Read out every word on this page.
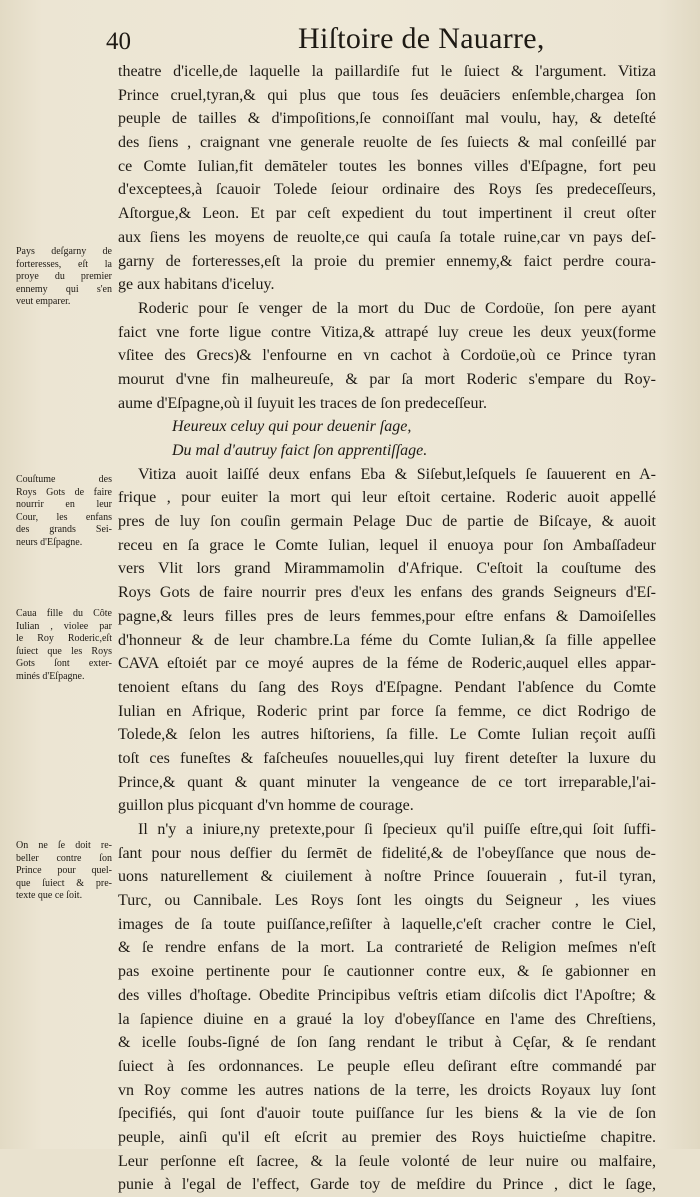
40	Hiſtoire de Nauarre,
theatre d'icelle,de laquelle la paillardiſe fut le ſuiect & l'argument. Vitiza
Prince cruel,tyran,& qui plus que tous ſes deuāciers enſemble,chargea ſon
peuple de tailles & d'impoſitions,ſe connoiſſant mal voulu, hay, & deteſté
des ſiens , craignant vne generale reuolte de ſes ſuiects & mal conſeillé par
ce Comte Iulian,fit demāteler toutes les bonnes villes d'Eſpagne, fort peu
d'exceptees,à ſcauoir Tolede ſeiour ordinaire des Roys ſes predeceſſeurs,
Aſtorgue,& Leon. Et par ceſt expedient du tout impertinent il creut oſter
aux ſiens les moyens de reuolte,ce qui cauſa ſa totale ruine,car vn pays deſ-
garny de forteresses,eſt la proie du premier ennemy,& faict perdre coura-
ge aux habitans d'iceluy.
Roderic pour ſe venger de la mort du Duc de Cordoüe, ſon pere ayant
faict vne forte ligue contre Vitiza,& attrapé luy creue les deux yeux(forme
vſitee des Grecs)& l'enfourne en vn cachot à Cordoüe,où ce Prince tyran
mourut d'vne fin malheureuſe, & par ſa mort Roderic s'empare du Roy-
aume d'Eſpagne,où il ſuyuit les traces de ſon predeceſſeur.
Heureux celuy qui pour deuenir ſage,
Du mal d'autruy faict ſon apprentiſſage.
Vitiza auoit laiſſé deux enfans Eba & Siſebut,leſquels ſe ſauuerent en A-
frique , pour euiter la mort qui leur eſtoit certaine. Roderic auoit appellé
pres de luy ſon couſin germain Pelage Duc de partie de Biſcaye, & auoit
receu en ſa grace le Comte Iulian, lequel il enuoya pour ſon Ambaſſadeur
vers Vlit lors grand Mirammamolin d'Afrique. C'eſtoit la couſtume des
Roys Gots de faire nourrir pres d'eux les enfans des grands Seigneurs d'Eſ-
pagne,& leurs filles pres de leurs femmes,pour eſtre enfans & Damoiſelles
d'honneur & de leur chambre.La féme du Comte Iulian,& ſa fille appellee
CAVA eſtoiét par ce moyé aupres de la féme de Roderic,auquel elles appar-
tenoient eſtans du ſang des Roys d'Eſpagne. Pendant l'abſence du Comte
Iulian en Afrique, Roderic print par force ſa femme, ce dict Rodrigo de
Tolede,& ſelon les autres hiſtoriens, ſa fille. Le Comte Iulian reçoit auſſi
toſt ces funeſtes & faſcheuſes nouuelles,qui luy firent deteſter la luxure du
Prince,& quant & quant minuter la vengeance de ce tort irreparable,l'ai-
guillon plus picquant d'vn homme de courage.
Il n'y a iniure,ny pretexte,pour ſi ſpecieux qu'il puiſſe eſtre,qui ſoit ſuffi-
ſant pour nous deſfier du ſermēt de fidelité,& de l'obeyſſance que nous de-
uons naturellement & ciuilement à noſtre Prince ſouuerain , fut-il tyran,
Turc, ou Cannibale. Les Roys ſont les oingts du Seigneur , les viues
images de ſa toute puiſſance,reſiſter à laquelle,c'eſt cracher contre le Ciel,
& ſe rendre enfans de la mort. La contrarieté de Religion meſmes n'eſt
pas exoine pertinente pour ſe cautionner contre eux, & ſe gabionner en
des villes d'hoſtage. Obedite Principibus veſtris etiam diſcolis dict l'Apoſtre; &
la ſapience diuine en a graué la loy d'obeyſſance en l'ame des Chreſtiens,
& icelle ſoubs-ſigné de ſon ſang rendant le tribut à Cęſar, & ſe rendant
ſuiect à ſes ordonnances. Le peuple eſleu deſirant eſtre commandé par
vn Roy comme les autres nations de la terre, les droicts Royaux luy ſont
ſpecifiés, qui ſont d'auoir toute puiſſance ſur les biens & la vie de ſon
peuple, ainſi qu'il eſt eſcrit au premier des Roys huictieſme chapitre.
Leur perſonne eſt ſacree, & la ſeule volonté de leur nuire ou malfaire,
punie à l'egal de l'effect, Garde toy de meſdire du Prince , dict le ſage,
Pays deſgarny de
forteresses, eſt la
proye du premier
ennemy qui s'en
veut emparer.
Couſtume des
Roys Gots de faire
nourrir en leur
Cour, les enfans
des grands Sei-
neurs d'Eſpagne.
Caua fille du Côte
Iulian , violee par
le Roy Roderic,eſt
ſuiect que les Roys
Gots ſont exter-
minés d'Eſpagne.
On ne ſe doit re-
beller contre ſon
Prince pour quel-
que ſuiect & pre-
texte que ce ſoit.
